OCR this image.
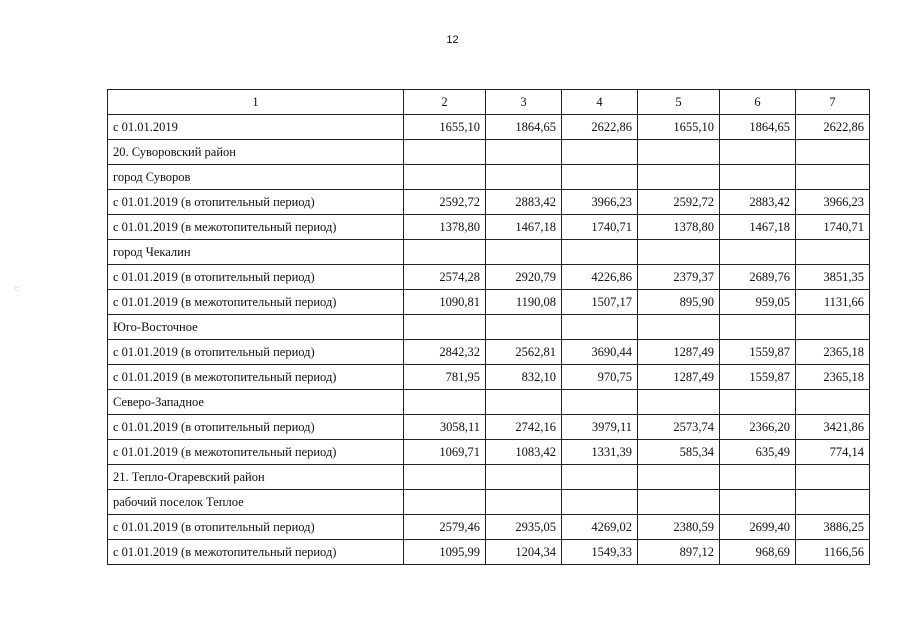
12
·:
1	2	3	4	5	6	7
с 01.01.2019	1655,10	1864,65	2622,86	1655,10	1864,65	2622,86
20. Суворовский район						
город Суворов						
с 01.01.2019 (в отопительный период)	2592,72	2883,42	3966,23	2592,72	2883,42	3966,23
с 01.01.2019 (в межотопительный период)	1378,80	1467,18	1740,71	1378,80	1467,18	1740,71
город Чекалин						
с 01.01.2019 (в отопительный период)	2574,28	2920,79	4226,86	2379,37	2689,76	3851,35
с 01.01.2019 (в межотопительный период)	1090,81	1190,08	1507,17	895,90	959,05	1131,66
Юго-Восточное						
с 01.01.2019 (в отопительный период)	2842,32	2562,81	3690,44	1287,49	1559,87	2365,18
с 01.01.2019 (в межотопительный период)	781,95	832,10	970,75	1287,49	1559,87	2365,18
Северо-Западное						
с 01.01.2019 (в отопительный период)	3058,11	2742,16	3979,11	2573,74	2366,20	3421,86
с 01.01.2019 (в межотопительный период)	1069,71	1083,42	1331,39	585,34	635,49	774,14
21. Тепло-Огаревский район						
рабочий поселок Теплое						
с 01.01.2019 (в отопительный период)	2579,46	2935,05	4269,02	2380,59	2699,40	3886,25
с 01.01.2019 (в межотопительный период)	1095,99	1204,34	1549,33	897,12	968,69	1166,56
